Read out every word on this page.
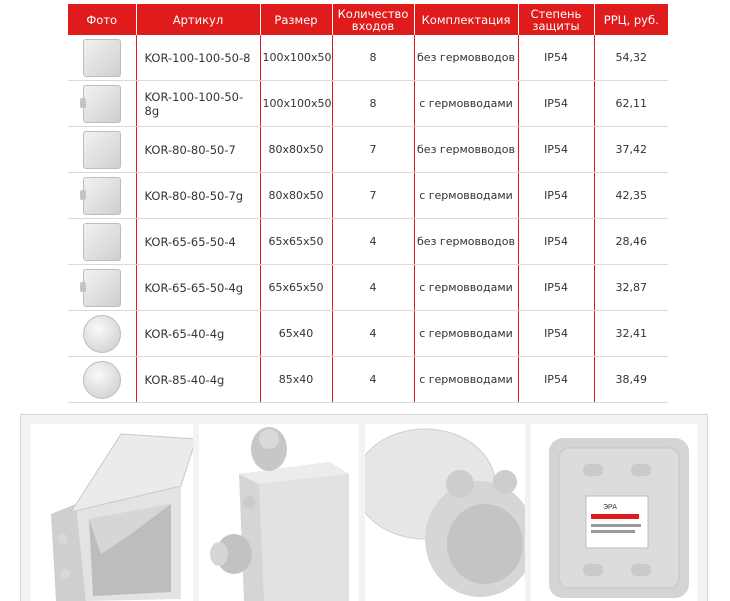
Фото	Артикул	Размер	Количество входов	Комплектация	Степень защиты	РРЦ, руб.

	KOR-100-100-50-8	100x100x50	8	без гермовводов	IP54	54,32

	KOR-100-100-50-8g	100x100x50	8	с гермовводами	IP54	62,11

	KOR-80-80-50-7	80x80x50	7	без гермовводов	IP54	37,42

	KOR-80-80-50-7g	80x80x50	7	с гермовводами	IP54	42,35

	KOR-65-65-50-4	65x65x50	4	без гермовводов	IP54	28,46

	KOR-65-65-50-4g	65x65x50	4	с гермовводами	IP54	32,87

	KOR-65-40-4g	65x40	4	с гермовводами	IP54	32,41

	KOR-85-40-4g	85x40	4	с гермовводами	IP54	38,49
ЭРА
